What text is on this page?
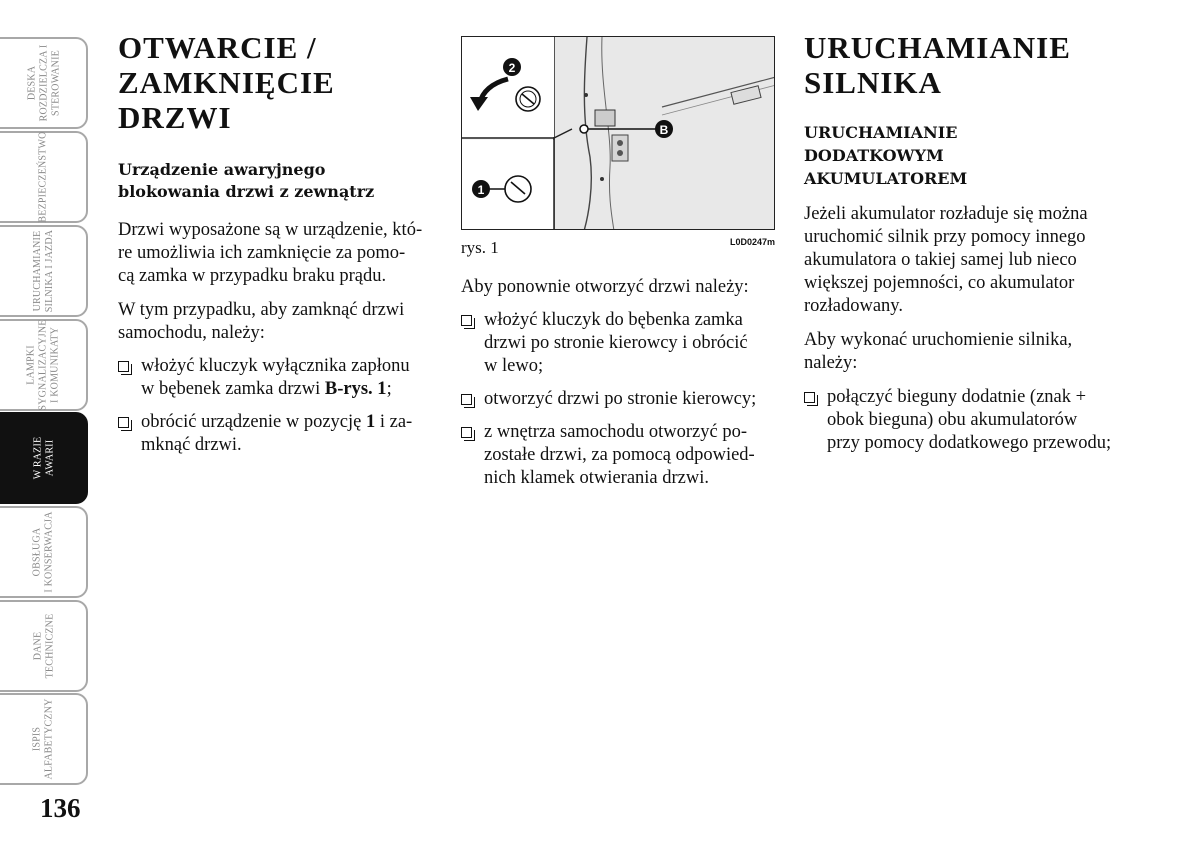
DESKA ROZDZIELCZA I STEROWANIE
BEZPIECZEŃSTWO
URUCHAMIANIE SILNIKA I JAZDA
LAMPKI SYGNALIZACYJNE I KOMUNIKATY
W RAZIE AWARII
OBSŁUGA I KONSERWACJA
DANE TECHNICZNE
ISPIS ALFABETYCZNY
136
OTWARCIE /
ZAMKNIĘCIE
DRZWI
Urządzenie awaryjnego
blokowania drzwi z zewnątrz

Drzwi wyposażone są w urządzenie, któ-
re umożliwia ich zamknięcie za pomo-
cą zamka w przypadku braku prądu.

W tym przypadku, aby zamknąć drzwi
samochodu, należy:

włożyć kluczyk wyłącznika zapłonu
w bębenek zamka drzwi B-rys. 1;
obrócić urządzenie w pozycję 1 i za-
mknąć drzwi.
B
2
1
rys. 1	L0D0247m

Aby ponownie otworzyć drzwi należy:

włożyć kluczyk do bębenka zamka
drzwi po stronie kierowcy i obrócić
w lewo;
otworzyć drzwi po stronie kierowcy;
z wnętrza samochodu otworzyć po-
zostałe drzwi, za pomocą odpowied-
nich klamek otwierania drzwi.
URUCHAMIANIE
SILNIKA
URUCHAMIANIE
DODATKOWYM
AKUMULATOREM

Jeżeli akumulator rozładuje się można
uruchomić silnik przy pomocy innego
akumulatora o takiej samej lub nieco
większej pojemności, co akumulator
rozładowany.

Aby wykonać uruchomienie silnika,
należy:

połączyć bieguny dodatnie (znak +
obok bieguna) obu akumulatorów
przy pomocy dodatkowego przewodu;
